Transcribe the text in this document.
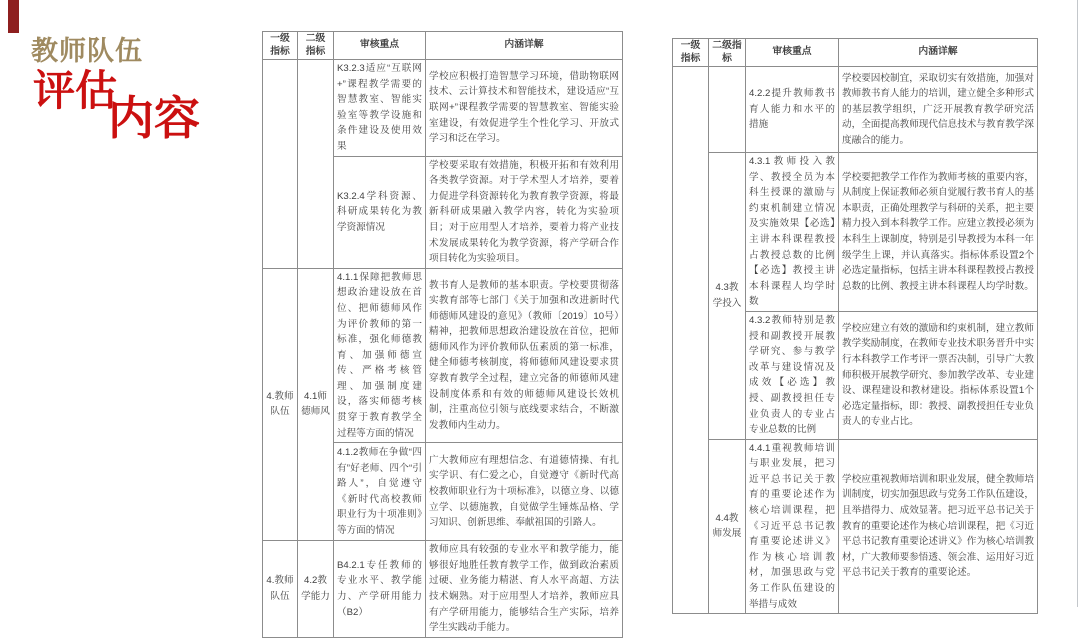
教师队伍
评估
内容
一级指标	二级指标	审核重点	内涵详解
		K3.2.3适应“互联网+”课程教学需要的智慧教室、智能实验室等教学设施和条件建设及使用效果	学校应积极打造智慧学习环境，借助物联网技术、云计算技术和智能技术，建设适应“互联网+”课程教学需要的智慧教室、智能实验室建设，有效促进学生个性化学习、开放式学习和泛在学习。
		K3.2.4学科资源、科研成果转化为教学资源情况	学校要采取有效措施，积极开拓和有效利用各类教学资源。对于学术型人才培养，要着力促进学科资源转化为教育教学资源，将最新科研成果融入教学内容，转化为实验项目；对于应用型人才培养，要着力将产业技术发展成果转化为教学资源，将产学研合作项目转化为实验项目。
4.教师队伍	4.1师德师风	4.1.1保障把教师思想政治建设放在首位、把师德师风作为评价教师的第一标准，强化师德教育、加强师德宣传、严格考核管理、加强制度建设，落实师德考核贯穿于教育教学全过程等方面的情况	教书育人是教师的基本职责。学校要贯彻落实教育部等七部门《关于加强和改进新时代师德师风建设的意见》（教师〔2019〕10号）精神，把教师思想政治建设放在首位，把师德师风作为评价教师队伍素质的第一标准，健全师德考核制度，将师德师风建设要求贯穿教育教学全过程，建立完备的师德师风建设制度体系和有效的师德师风建设长效机制，注重高位引领与底线要求结合，不断激发教师内生动力。
		4.1.2教师在争做“四有”好老师、四个“引路人”，自觉遵守《新时代高校教师职业行为十项准则》等方面的情况	广大教师应有理想信念、有道德情操、有扎实学识、有仁爱之心，自觉遵守《新时代高校教师职业行为十项标准》，以德立身、以德立学、以德施教，自觉做学生锤炼品格、学习知识、创新思维、奉献祖国的引路人。
4.教师队伍	4.2教学能力	B4.2.1专任教师的专业水平、教学能力、产学研用能力（B2）	教师应具有较强的专业水平和教学能力，能够很好地胜任教育教学工作，做到政治素质过硬、业务能力精湛、育人水平高超、方法技术娴熟。对于应用型人才培养，教师应具有产学研用能力，能够结合生产实际，培养学生实践动手能力。
一级指标	二级指标	审核重点	内涵详解
		4.2.2提升教师教书育人能力和水平的措施	学校要因校制宜，采取切实有效措施，加强对教师教书育人能力的培训，建立健全多种形式的基层教学组织，广泛开展教育教学研究活动，全面提高教师现代信息技术与教育教学深度融合的能力。
	4.3教学投入	4.3.1教师投入教学、教授全员为本科生授课的激励与约束机制建立情况及实施效果【必选】主讲本科课程教授占教授总数的比例【必选】教授主讲本科课程人均学时数	学校要把教学工作作为教师考核的重要内容，从制度上保证教师必须自觉履行教书育人的基本职责，正确处理教学与科研的关系，把主要精力投入到本科教学工作。应建立教授必须为本科生上课制度，特别是引导教授为本科一年级学生上课，并认真落实。指标体系设置2个必选定量指标，包括主讲本科课程教授占教授总数的比例、教授主讲本科课程人均学时数。
		4.3.2教师特别是教授和副教授开展教学研究、参与教学改革与建设情况及成效【必选】教授、副教授担任专业负责人的专业占专业总数的比例	学校应建立有效的激励和约束机制，建立教师教学奖励制度，在教师专业技术职务晋升中实行本科教学工作考评一票否决制，引导广大教师积极开展教学研究、参加教学改革、专业建设、课程建设和教材建设。指标体系设置1个必选定量指标，即：教授、副教授担任专业负责人的专业占比。
	4.4教师发展	4.4.1重视教师培训与职业发展，把习近平总书记关于教育的重要论述作为核心培训课程，把《习近平总书记教育重要论述讲义》作为核心培训教材，加强思政与党务工作队伍建设的举措与成效	学校应重视教师培训和职业发展，健全教师培训制度，切实加强思政与党务工作队伍建设，且举措得力、成效显著。把习近平总书记关于教育的重要论述作为核心培训课程，把《习近平总书记教育重要论述讲义》作为核心培训教材，广大教师要参悟透、领会准、运用好习近平总书记关于教育的重要论述。
